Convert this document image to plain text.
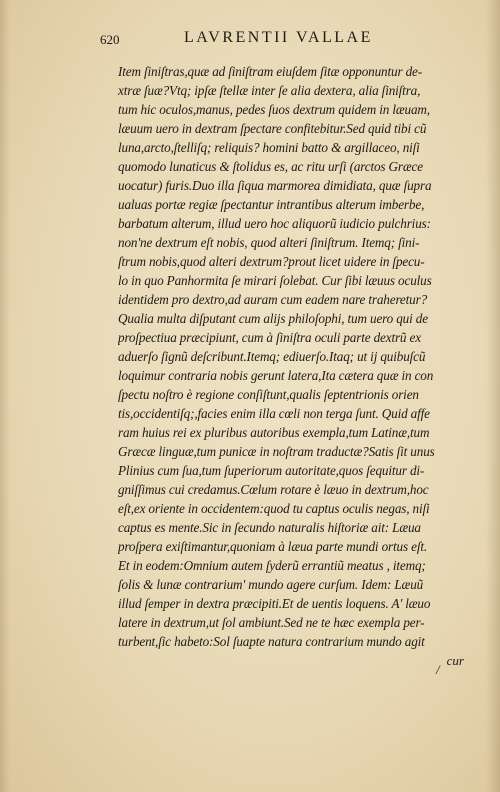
620	LAVRENTII VALLAE
Item ſiniſtras,quæ ad ſiniſtram eiuſdem ſitæ opponuntur de-
xtræ ſuæ?Vtq; ipſæ ſtellæ inter ſe alia dextera, alia ſiniſtra,
tum hic oculos,manus, pedes ſuos dextrum quidem in læuam,
læuum uero in dextram ſpectare confitebitur.Sed quid tibi cũ
luna,arcto,ſtelliſq; reliquis? homini batto & argillaceo, niſi
quomodo lunaticus & ſtolidus es, ac ritu urſi (arctos Græce
uocatur) furis.Duo illa ſiqua marmorea dimidiata, quæ ſupra
ualuas portæ regiæ ſpectantur intrantibus alterum imberbe,
barbatum alterum, illud uero hoc aliquorũ iudicio pulchrius:
non'ne dextrum eſt nobis, quod alteri ſiniſtrum. Itemq; ſini-
ſtrum nobis,quod alteri dextrum?prout licet uidere in ſpecu-
lo in quo Panhormita ſe mirari ſolebat. Cur ſibi læuus oculus
identidem pro dextro,ad auram cum eadem nare traheretur?
Qualia multa diſputant cum alijs philoſophi, tum uero qui de
proſpectiua præcipiunt, cum à ſiniſtra oculi parte dextrũ ex
aduerſo ſignũ deſcribunt.Itemq; ediuerſo.Itaq; ut ij quibuſcũ
loquimur contraria nobis gerunt latera,Ita cætera quæ in con
ſpectu noſtro è regione conſiſtunt,qualis ſeptentrionis orien
tis,occidentiſq;,facies enim illa cœli non terga ſunt. Quid affe
ram huius rei ex pluribus autoribus exempla,tum Latinæ,tum
Græcæ linguæ,tum punicæ in noſtram traductæ?Satis ſit unus
Plinius cum ſua,tum ſuperiorum autoritate,quos ſequitur di-
gniſſimus cui credamus.Cœlum rotare è læuo in dextrum,hoc
eſt,ex oriente in occidentem:quod tu captus oculis negas, niſi
captus es mente.Sic in ſecundo naturalis hiſtoriæ ait: Læua
proſpera exiſtimantur,quoniam à læua parte mundi ortus eſt.
Et in eodem:Omnium autem ſyderũ errantiũ meatus , itemq;
ſolis & lunæ contrarium' mundo agere curſum. Idem: Læuũ
illud ſemper in dextra præcipiti.Et de uentis loquens. A' læuo
latere in dextrum,ut ſol ambiunt.Sed ne te hæc exempla per-
turbent,ſic habeto:Sol ſuapte natura contrarium mundo agit
cur
/
